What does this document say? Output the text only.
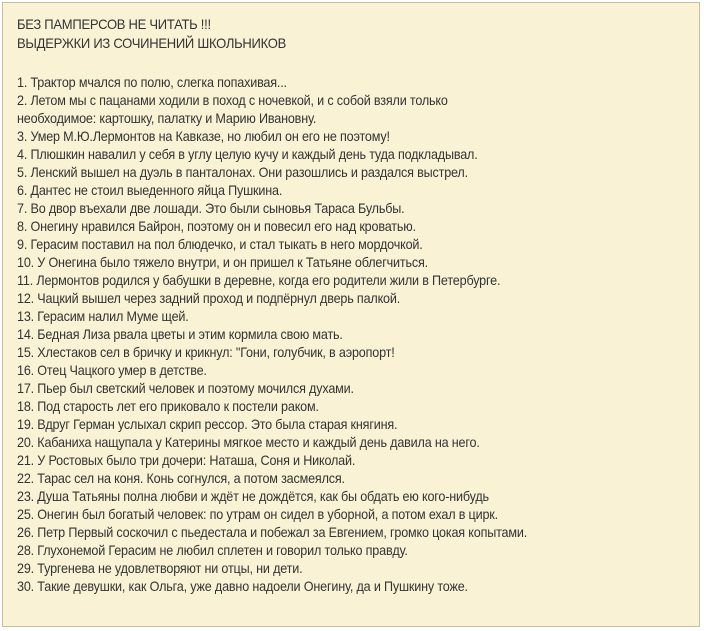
БЕЗ ПАМПЕРСОВ НЕ ЧИТАТЬ !!!
ВЫДЕРЖКИ ИЗ СОЧИНЕНИЙ ШКОЛЬНИКОВ
1. Трактор мчался по полю, слегка попахивая...
2. Летом мы с пацанами ходили в поход с ночевкой, и с собой взяли только
необходимое: картошку, палатку и Марию Ивановну.
3. Умер М.Ю.Лермонтов на Кавказе, но любил он его не поэтому!
4. Плюшкин навалил у себя в углу целую кучу и каждый день туда подкладывал.
5. Ленский вышел на дуэль в панталонах. Они разошлись и раздался выстрел.
6. Дантес не стоил выеденного яйца Пушкина.
7. Во двор въехали две лошади. Это были сыновья Тараса Бульбы.
8. Онегину нравился Байрон, поэтому он и повесил его над кроватью.
9. Герасим поставил на пол блюдечко, и стал тыкать в него мордочкой.
10. У Онегина было тяжело внутри, и он пришел к Татьяне облегчиться.
11. Лермонтов родился у бабушки в деревне, когда его родители жили в Петербурге.
12. Чацкий вышел через задний проход и подпёрнул дверь палкой.
13. Герасим налил Муме щей.
14. Бедная Лиза рвала цветы и этим кормила свою мать.
15. Хлестаков сел в бричку и крикнул: "Гони, голубчик, в аэропорт!
16. Отец Чацкого умер в детстве.
17. Пьер был светский человек и поэтому мочился духами.
18. Под старость лет его приковало к постели раком.
19. Вдруг Герман услыхал скрип рессор. Это была старая княгиня.
20. Кабаниха нащупала у Катерины мягкое место и каждый день давила на него.
21. У Ростовых было три дочери: Наташа, Соня и Николай.
22. Тарас сел на коня. Конь согнулся, а потом засмеялся.
23. Душа Татьяны полна любви и ждёт не дождётся, как бы обдать ею кого-нибудь
25. Онегин был богатый человек: по утрам он сидел в уборной, а потом ехал в цирк.
26. Петр Первый соскочил с пьедестала и побежал за Евгением, громко цокая копытами.
28. Глухонемой Герасим не любил сплетен и говорил только правду.
29. Тургенева не удовлетворяют ни отцы, ни дети.
30. Такие девушки, как Ольга, уже давно надоели Онегину, да и Пушкину тоже.
